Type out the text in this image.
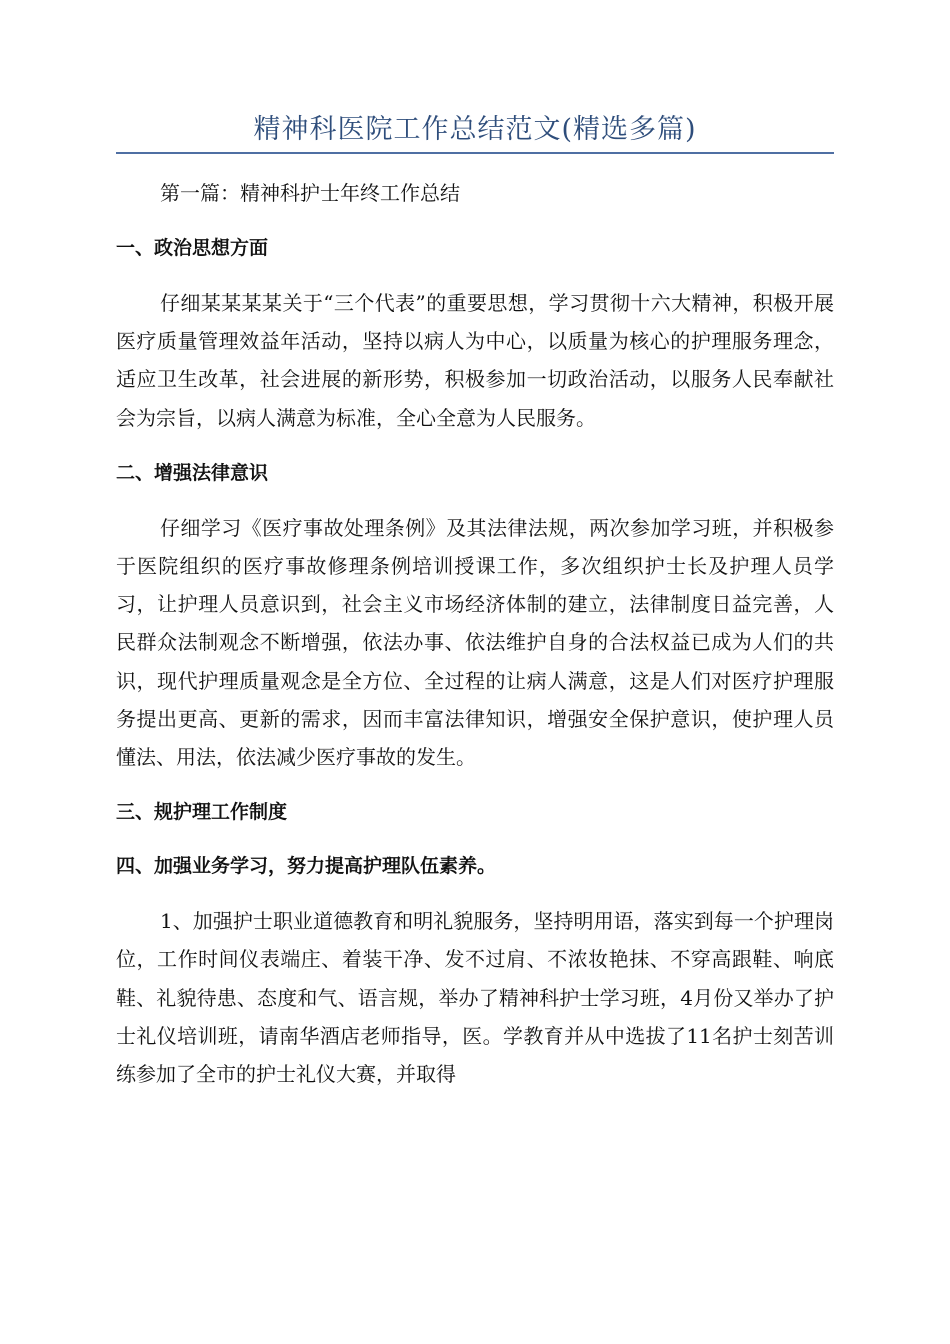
精神科医院工作总结范文(精选多篇)

第一篇：精神科护士年终工作总结

一、政治思想方面

仔细某某某某关于“三个代表”的重要思想，学习贯彻十六大精神，积极开展医疗质量管理效益年活动，坚持以病人为中心，以质量为核心的护理服务理念，适应卫生改革，社会进展的新形势，积极参加一切政治活动，以服务人民奉献社会为宗旨，以病人满意为标准，全心全意为人民服务。

二、增强法律意识

仔细学习《医疗事故处理条例》及其法律法规，两次参加学习班，并积极参于医院组织的医疗事故修理条例培训授课工作，多次组织护士长及护理人员学习，让护理人员意识到，社会主义市场经济体制的建立，法律制度日益完善，人民群众法制观念不断增强，依法办事、依法维护自身的合法权益已成为人们的共识，现代护理质量观念是全方位、全过程的让病人满意，这是人们对医疗护理服务提出更高、更新的需求，因而丰富法律知识，增强安全保护意识，使护理人员懂法、用法，依法减少医疗事故的发生。

三、规护理工作制度
四、加强业务学习，努力提高护理队伍素养。

1、加强护士职业道德教育和明礼貌服务，坚持明用语，落实到每一个护理岗位，工作时间仪表端庄、着装干净、发不过肩、不浓妆艳抹、不穿高跟鞋、响底鞋、礼貌待患、态度和气、语言规，举办了精神科护士学习班，4月份又举办了护士礼仪培训班，请南华酒店老师指导，医。学教育并从中选拔了11名护士刻苦训练参加了全市的护士礼仪大赛，并取得
